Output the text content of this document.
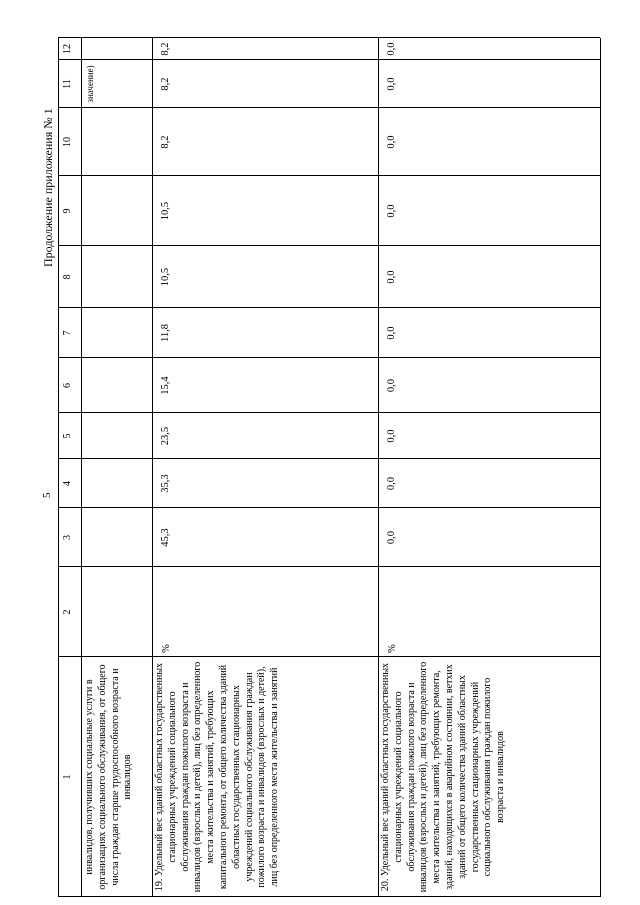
5
Продолжение приложения № 1
1
2
3
4
5
6
7
8
9
10
11
12
значение)
инвалидов, получивших социальные услуги в организациях социального обслуживания, от общего числа граждан старше трудоспособного возраста и инвалидов 19. Удельный вес зданий областных государственных стационарных учреждений социального обслуживания граждан пожилого возраста и инвалидов (взрослых и детей), лиц без определенного места жительства и занятий, требующих капитального ремонта, от общего количества зданий областных государственных стационарных учреждений социального обслуживания граждан пожилого возраста и инвалидов (взрослых и детей), лиц без определенного места жительства и занятий
%
45,3
35,3
23,5
15,4
11,8
10,5
10,5
8,2
8,2
8,2
20. Удельный вес зданий областных государственных стационарных учреждений социального обслуживания граждан пожилого возраста и инвалидов (взрослых и детей), лиц без определенного места жительства и занятий, требующих ремонта, зданий, находящихся в аварийном состоянии, ветхих зданий от общего количества зданий областных государственных стационарных учреждений социального обслуживания граждан пожилого возраста и инвалидов
%
0,0
0,0
0,0
0,0
0,0
0,0
0,0
0,0
0,0
0,0
